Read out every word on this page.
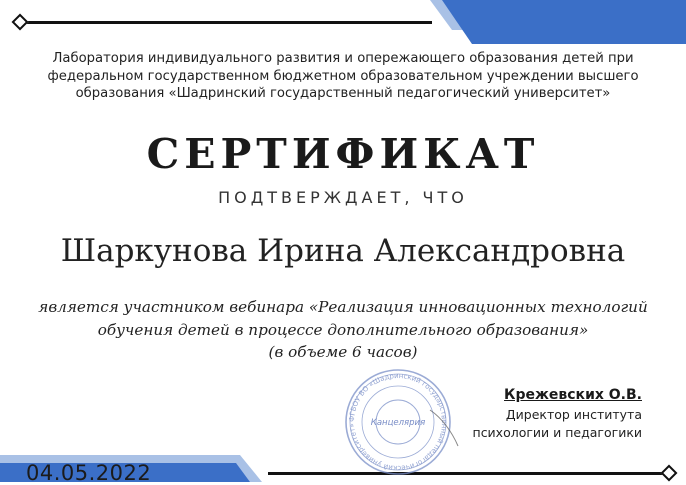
Лаборатория индивидуального развития и опережающего образования детей при
федеральном государственном бюджетном образовательном учреждении высшего
образования «Шадринский государственный педагогический университет»
СЕРТИФИКАТ
ПОДТВЕРЖДАЕТ, ЧТО
Шаркунова Ирина Александровна
является участником вебинара «Реализация инновационных технологий
обучения детей в процессе дополнительного образования»
(в объеме 6 часов)
ФГБОУ ВО «Шадринский государственный педагогический университет»	Канцелярия
Крежевских О.В.
Директор института
психологии и педагогики
04.05.2022
